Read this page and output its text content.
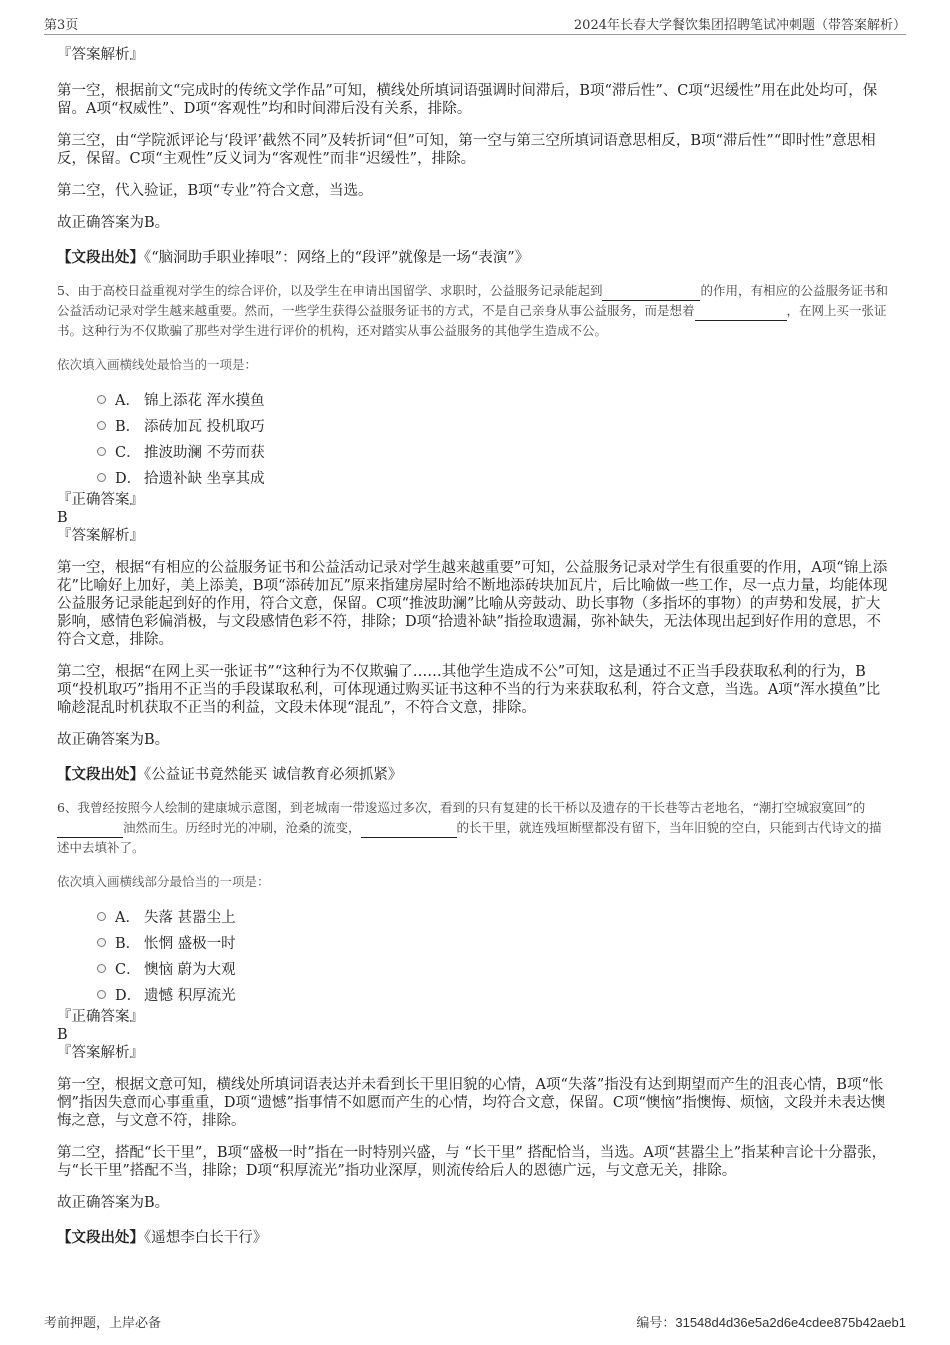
第3页	2024年长春大学餐饮集团招聘笔试冲刺题（带答案解析）

『答案解析』

第一空，根据前文“完成时的传统文学作品”可知，横线处所填词语强调时间滞后，B项“滞后性”、C项“迟缓性”用在此处均可，保留。A项“权威性”、D项“客观性”均和时间滞后没有关系，排除。

第三空，由“学院派评论与‘段评’截然不同”及转折词“但”可知，第一空与第三空所填词语意思相反，B项“滞后性”“即时性”意思相反，保留。C项“主观性”反义词为“客观性”而非“迟缓性”，排除。

第二空，代入验证，B项“专业”符合文意，当选。

故正确答案为B。

【文段出处】《“脑洞助手职业捧哏”：网络上的“段评”就像是一场“表演”》

5、由于高校日益重视对学生的综合评价，以及学生在申请出国留学、求职时，公益服务记录能起到	的作用，有相应的公益服务证书和公益活动记录对学生越来越重要。然而，一些学生获得公益服务证书的方式，不是自己亲身从事公益服务，而是想着	，在网上买一张证书。这种行为不仅欺骗了那些对学生进行评价的机构，还对踏实从事公益服务的其他学生造成不公。

依次填入画横线处最恰当的一项是：

A． 锦上添花 浑水摸鱼
B． 添砖加瓦 投机取巧
C． 推波助澜 不劳而获
D． 拾遗补缺 坐享其成

『正确答案』

B

『答案解析』

第一空，根据“有相应的公益服务证书和公益活动记录对学生越来越重要”可知，公益服务记录对学生有很重要的作用，A项“锦上添花”比喻好上加好，美上添美，B项“添砖加瓦”原来指建房屋时给不断地添砖块加瓦片，后比喻做一些工作，尽一点力量，均能体现公益服务记录能起到好的作用，符合文意，保留。C项“推波助澜”比喻从旁鼓动、助长事物（多指坏的事物）的声势和发展，扩大影响，感情色彩偏消极，与文段感情色彩不符，排除；D项“拾遗补缺”指捡取遗漏，弥补缺失，无法体现出起到好作用的意思，不符合文意，排除。

第二空，根据“在网上买一张证书”“这种行为不仅欺骗了……其他学生造成不公”可知，这是通过不正当手段获取私利的行为，B项“投机取巧”指用不正当的手段谋取私利，可体现通过购买证书这种不当的行为来获取私利，符合文意，当选。A项“浑水摸鱼”比喻趁混乱时机获取不正当的利益，文段未体现“混乱”，不符合文意，排除。

故正确答案为B。

【文段出处】《公益证书竟然能买 诚信教育必须抓紧》

6、我曾经按照今人绘制的建康城示意图，到老城南一带逡巡过多次，看到的只有复建的长干桥以及遗存的干长巷等古老地名，“潮打空城寂寞回”的油然而生。历经时光的冲刷，沧桑的流变，	的长干里，就连残垣断壁都没有留下，当年旧貌的空白，只能到古代诗文的描述中去填补了。

依次填入画横线部分最恰当的一项是：

A． 失落 甚嚣尘上
B． 怅惘 盛极一时
C． 懊恼 蔚为大观
D． 遗憾 积厚流光

『正确答案』

B

『答案解析』

第一空，根据文意可知，横线处所填词语表达并未看到长干里旧貌的心情，A项“失落”指没有达到期望而产生的沮丧心情，B项“怅惘”指因失意而心事重重，D项“遗憾”指事情不如愿而产生的心情，均符合文意，保留。C项“懊恼”指懊悔、烦恼，文段并未表达懊悔之意，与文意不符，排除。

第二空，搭配“长干里”，B项“盛极一时”指在一时特别兴盛，与 “长干里” 搭配恰当，当选。A项“甚嚣尘上”指某种言论十分嚣张，与“长干里”搭配不当，排除；D项“积厚流光”指功业深厚，则流传给后人的恩德广远，与文意无关，排除。

故正确答案为B。

【文段出处】《遥想李白长干行》

考前押题，上岸必备	编号：31548d4d36e5a2d6e4cdee875b42aeb1
